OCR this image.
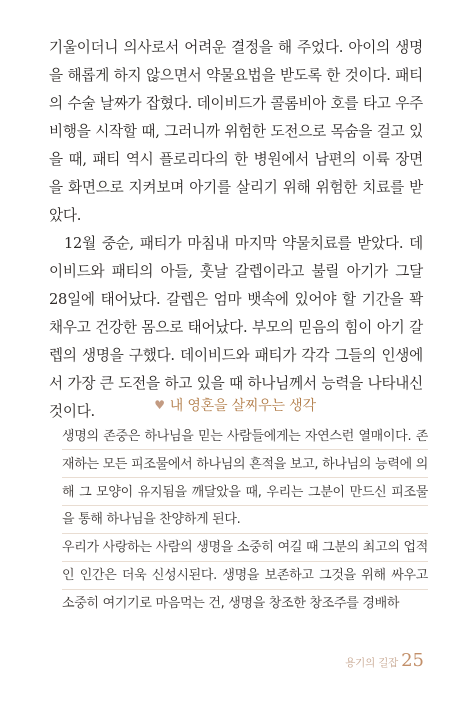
기울이더니 의사로서 어려운 결정을 해 주었다. 아이의 생명을 해롭게 하지 않으면서 약물요법을 받도록 한 것이다. 패티의 수술 날짜가 잡혔다. 데이비드가 콜롬비아 호를 타고 우주비행을 시작할 때, 그러니까 위험한 도전으로 목숨을 걸고 있을 때, 패티 역시 플로리다의 한 병원에서 남편의 이륙 장면을 화면으로 지켜보며 아기를 살리기 위해 위험한 치료를 받았다.

12월 중순, 패티가 마침내 마지막 약물치료를 받았다. 데이비드와 패티의 아들, 훗날 갈렙이라고 불릴 아기가 그달 28일에 태어났다. 갈렙은 엄마 뱃속에 있어야 할 기간을 꽉 채우고 건강한 몸으로 태어났다. 부모의 믿음의 힘이 아기 갈렙의 생명을 구했다. 데이비드와 패티가 각각 그들의 인생에서 가장 큰 도전을 하고 있을 때 하나님께서 능력을 나타내신 것이다.	♥ 내 영혼을 살찌우는 생각

생명의 존중은 하나님을 믿는 사람들에게는 자연스런 열매이다. 존재하는 모든 피조물에서 하나님의 흔적을 보고, 하나님의 능력에 의해 그 모양이 유지됨을 깨달았을 때, 우리는 그분이 만드신 피조물을 통해 하나님을 찬양하게 된다.

우리가 사랑하는 사람의 생명을 소중히 여길 때 그분의 최고의 업적인 인간은 더욱 신성시된다. 생명을 보존하고 그것을 위해 싸우고 소중히 여기기로 마음먹는 건, 생명을 창조한 창조주를 경배하

용기의 길잡 25
